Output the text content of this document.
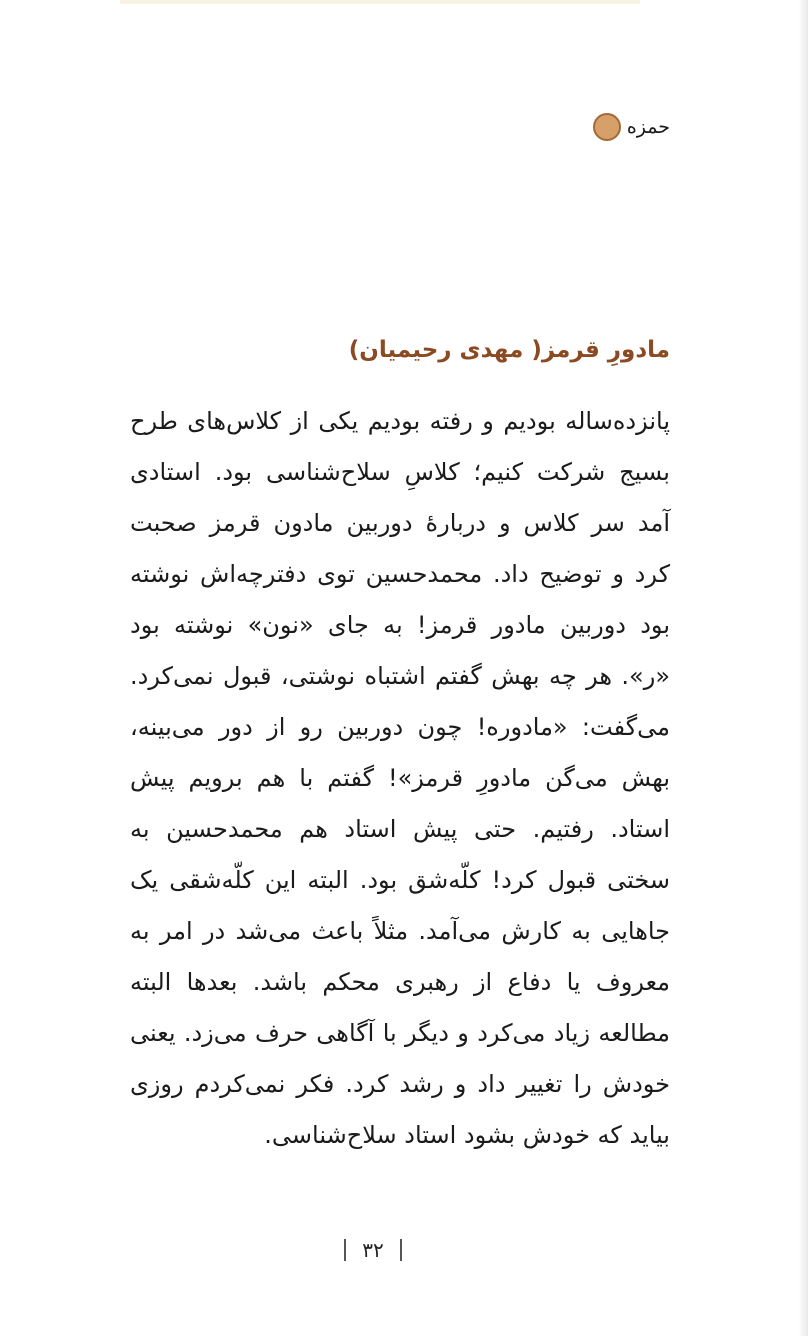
حمزه
مادورِ قرمز( مهدی رحیمیان)

پانزده‌ساله بودیم و رفته بودیم یکی از کلاس‌های طرح بسیج شرکت کنیم؛ کلاسِ سلاح‌شناسی بود. استادی آمد سر کلاس و دربارهٔ دوربین مادون قرمز صحبت کرد و توضیح داد. محمدحسین توی دفترچه‌اش نوشته بود دوربین مادور قرمز! به جای «نون» نوشته بود «ر». هر چه بهش گفتم اشتباه نوشتی، قبول نمی‌کرد. می‌گفت: «مادوره! چون دوربین رو از دور می‌بینه، بهش می‌گن مادورِ قرمز»! گفتم با هم برویم پیش استاد. رفتیم. حتی پیش استاد هم محمدحسین به سختی قبول کرد! کلّه‌شق بود. البته این کلّه‌شقی یک جاهایی به کارش می‌آمد. مثلاً باعث می‌شد در امر به معروف یا دفاع از رهبری محکم باشد. بعدها البته مطالعه زیاد می‌کرد و دیگر با آگاهی حرف می‌زد. یعنی خودش را تغییر داد و رشد کرد. فکر نمی‌کردم روزی بیاید که خودش بشود استاد سلاح‌شناسی.

۳۲
